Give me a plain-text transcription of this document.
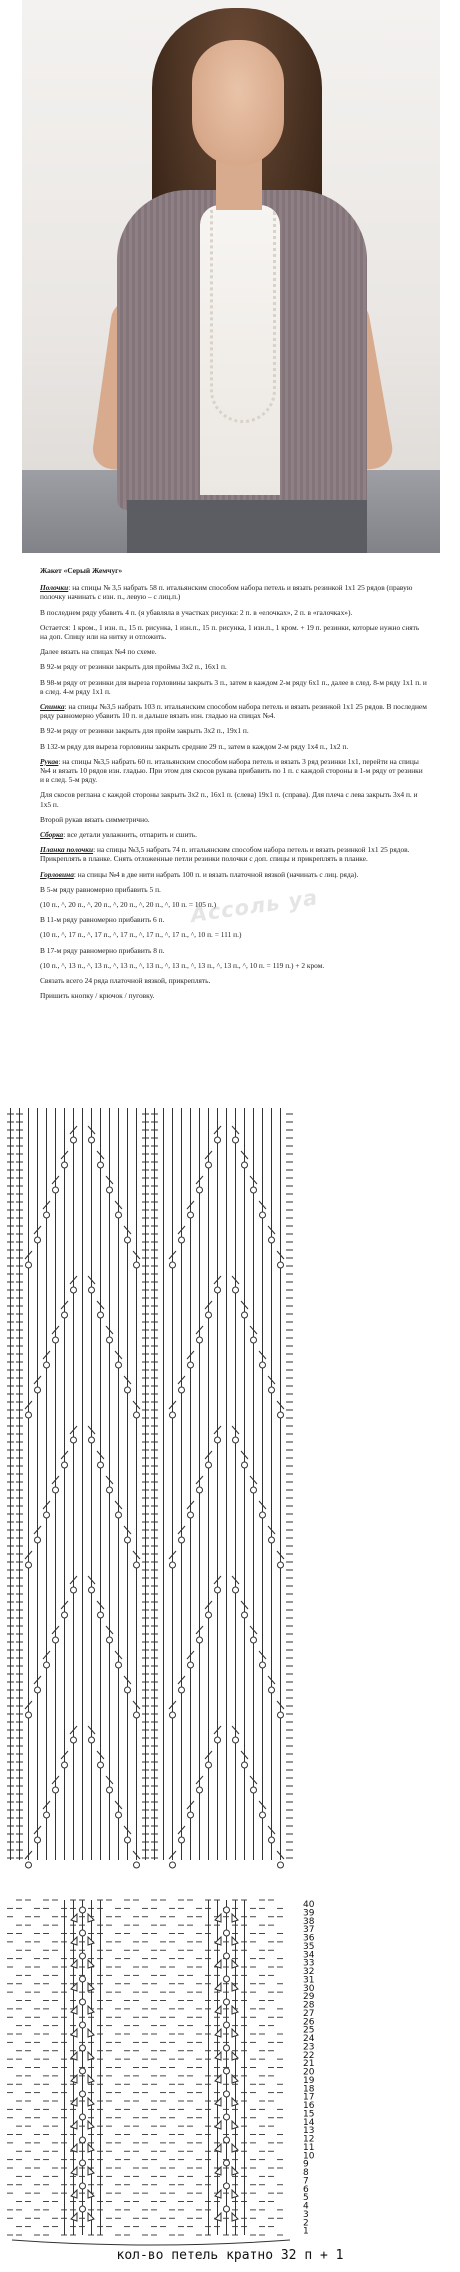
Жакет «Серый Жемчуг»

Полочки: на спицы № 3,5 набрать 58 п. итальянским способом набора петель и вязать резинкой 1х1 25 рядов (правую полочку начинать с изн. п., левую – с лиц.п.)

В последнем ряду убавить 4 п. (я убавляла в участках рисунка: 2 п. в «елочках», 2 п. в «галочках»).

Остается: 1 кром., 1 изн. п., 15 п. рисунка, 1 изн.п., 15 п. рисунка, 1 изн.п., 1 кром. + 19 п. резинки, которые нужно снять на доп. Спицу или на нитку и отложить.

Далее вязать на спицах №4 по схеме.

В 92-м ряду от резинки закрыть для проймы 3х2 п., 16х1 п.

В 98-м ряду от резинки для выреза горловины закрыть 3 п., затем в каждом 2-м ряду 6х1 п., далее в след. 8-м ряду 1х1 п. и в след. 4-м ряду 1х1 п.

Спинка: на спицы №3,5 набрать 103 п. итальянским способом набора петель и вязать резинкой 1х1 25 рядов. В последнем ряду равномерно убавить 10 п. и дальше вязать изн. гладью на спицах №4.

В 92-м ряду от резинки закрыть для пройм закрыть 3х2 п., 19х1 п.

В 132-м ряду для выреза горловины закрыть средние 29 п., затем в каждом 2-м ряду 1х4 п., 1х2 п.

Рукав: на спицы №3,5 набрать 60 п. итальянским способом набора петель и вязать 3 ряд резинки 1х1, перейти на спицы №4 и вязать 10 рядов изн. гладью. При этом для скосов рукава прибавить по 1 п. с каждой стороны в 1-м ряду от резинки и в след. 5-м ряду.

Для скосов реглана с каждой стороны закрыть 3х2 п., 16х1 п. (слева) 19х1 п. (справа). Для плеча с лева закрыть 3х4 п. и 1х5 п.

Второй рукав вязать симметрично.

Сборка: все детали увлажнить, отпарить и сшить.

Планка полочки: на спицы №3,5 набрать 74 п. итальянским способом набора петель и вязать резинкой 1х1 25 рядов. Прикреплять в планке. Снять отложенные петли резинки полочки с доп. спицы и прикреплять в планке.

Горловина: на спицы №4 в две нити набрать 100 п. и вязать платочной вязкой (начинать с лиц. ряда).

В 5-м ряду равномерно прибавить 5 п.

(10 п., ^, 20 п., ^, 20 п., ^, 20 п., ^, 20 п., ^, 10 п. = 105 п.)

В 11-м ряду равномерно прибавить 6 п.

(10 п., ^, 17 п., ^, 17 п., ^, 17 п., ^, 17 п., ^, 17 п., ^, 10 п. = 111 п.)

В 17-м ряду равномерно прибавить 8 п.

(10 п., ^, 13 п., ^, 13 п., ^, 13 п., ^, 13 п., ^, 13 п., ^, 13 п., ^, 13 п., ^, 10 п. = 119 п.) + 2 кром.

Связать всего 24 ряда платочной вязкой, прикреплять.

Пришить кнопку / крючок / пуговку.

Ассоль уа
40
39
38
37
36
35
34
33
32
31
30
29
28
27
26
25
24
23
22
21
20
19
18
17
16
15
14
13
12
11
10
9
8
7
6
5
4
3
2
1
кол-во петель кратно 32 п + 1
